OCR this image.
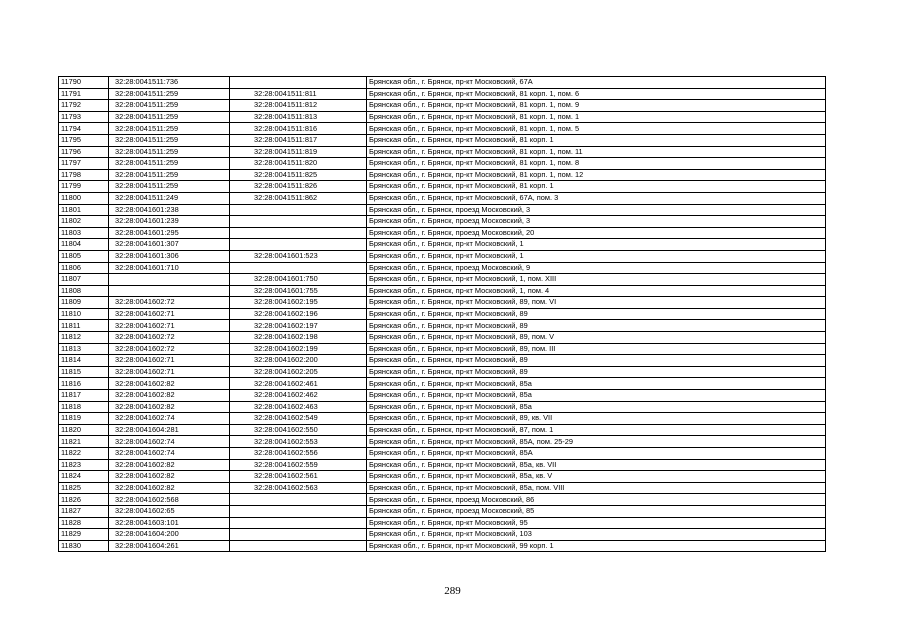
11790	32:28:0041511:736		Брянская обл., г. Брянск, пр-кт Московский, 67А
11791	32:28:0041511:259	32:28:0041511:811	Брянская обл., г. Брянск, пр-кт Московский, 81 корп. 1, пом. 6
11792	32:28:0041511:259	32:28:0041511:812	Брянская обл., г. Брянск, пр-кт Московский, 81 корп. 1, пом. 9
11793	32:28:0041511:259	32:28:0041511:813	Брянская обл., г. Брянск, пр-кт Московский, 81 корп. 1, пом. 1
11794	32:28:0041511:259	32:28:0041511:816	Брянская обл., г. Брянск, пр-кт Московский, 81 корп. 1, пом. 5
11795	32:28:0041511:259	32:28:0041511:817	Брянская обл., г. Брянск, пр-кт Московский, 81 корп. 1
11796	32:28:0041511:259	32:28:0041511:819	Брянская обл., г. Брянск, пр-кт Московский, 81 корп. 1, пом. 11
11797	32:28:0041511:259	32:28:0041511:820	Брянская обл., г. Брянск, пр-кт Московский, 81 корп. 1, пом. 8
11798	32:28:0041511:259	32:28:0041511:825	Брянская обл., г. Брянск, пр-кт Московский, 81 корп. 1, пом. 12
11799	32:28:0041511:259	32:28:0041511:826	Брянская обл., г. Брянск, пр-кт Московский, 81 корп. 1
11800	32:28:0041511:249	32:28:0041511:862	Брянская обл., г. Брянск, пр-кт Московский, 67А, пом. 3
11801	32:28:0041601:238		Брянская обл., г. Брянск, проезд Московский, 3
11802	32:28:0041601:239		Брянская обл., г. Брянск, проезд Московский, 3
11803	32:28:0041601:295		Брянская обл., г. Брянск, проезд Московский, 20
11804	32:28:0041601:307		Брянская обл., г. Брянск, пр-кт Московский, 1
11805	32:28:0041601:306	32:28:0041601:523	Брянская обл., г. Брянск, пр-кт Московский, 1
11806	32:28:0041601:710		Брянская обл., г. Брянск, проезд Московский, 9
11807		32:28:0041601:750	Брянская обл., г. Брянск, пр-кт Московский, 1, пом. XIII
11808		32:28:0041601:755	Брянская обл., г. Брянск, пр-кт Московский, 1, пом. 4
11809	32:28:0041602:72	32:28:0041602:195	Брянская обл., г. Брянск, пр-кт Московский, 89, пом. VI
11810	32:28:0041602:71	32:28:0041602:196	Брянская обл., г. Брянск, пр-кт Московский, 89
11811	32:28:0041602:71	32:28:0041602:197	Брянская обл., г. Брянск, пр-кт Московский, 89
11812	32:28:0041602:72	32:28:0041602:198	Брянская обл., г. Брянск, пр-кт Московский, 89, пом. V
11813	32:28:0041602:72	32:28:0041602:199	Брянская обл., г. Брянск, пр-кт Московский, 89, пом. III
11814	32:28:0041602:71	32:28:0041602:200	Брянская обл., г. Брянск, пр-кт Московский, 89
11815	32:28:0041602:71	32:28:0041602:205	Брянская обл., г. Брянск, пр-кт Московский, 89
11816	32:28:0041602:82	32:28:0041602:461	Брянская обл., г. Брянск, пр-кт Московский, 85а
11817	32:28:0041602:82	32:28:0041602:462	Брянская обл., г. Брянск, пр-кт Московский, 85а
11818	32:28:0041602:82	32:28:0041602:463	Брянская обл., г. Брянск, пр-кт Московский, 85а
11819	32:28:0041602:74	32:28:0041602:549	Брянская обл., г. Брянск, пр-кт Московский, 89, кв. VII
11820	32:28:0041604:281	32:28:0041602:550	Брянская обл., г. Брянск, пр-кт Московский, 87, пом. 1
11821	32:28:0041602:74	32:28:0041602:553	Брянская обл., г. Брянск, пр-кт Московский, 85А, пом. 25-29
11822	32:28:0041602:74	32:28:0041602:556	Брянская обл., г. Брянск, пр-кт Московский, 85А
11823	32:28:0041602:82	32:28:0041602:559	Брянская обл., г. Брянск, пр-кт Московский, 85а, кв. VII
11824	32:28:0041602:82	32:28:0041602:561	Брянская обл., г. Брянск, пр-кт Московский, 85а, кв. V
11825	32:28:0041602:82	32:28:0041602:563	Брянская обл., г. Брянск, пр-кт Московский, 85а, пом. VIII
11826	32:28:0041602:568		Брянская обл., г. Брянск, проезд Московский, 86
11827	32:28:0041602:65		Брянская обл., г. Брянск, проезд Московский, 85
11828	32:28:0041603:101		Брянская обл., г. Брянск, пр-кт Московский, 95
11829	32:28:0041604:200		Брянская обл., г. Брянск, пр-кт Московский, 103
11830	32:28:0041604:261		Брянская обл., г. Брянск, пр-кт Московский, 99 корп. 1
289
